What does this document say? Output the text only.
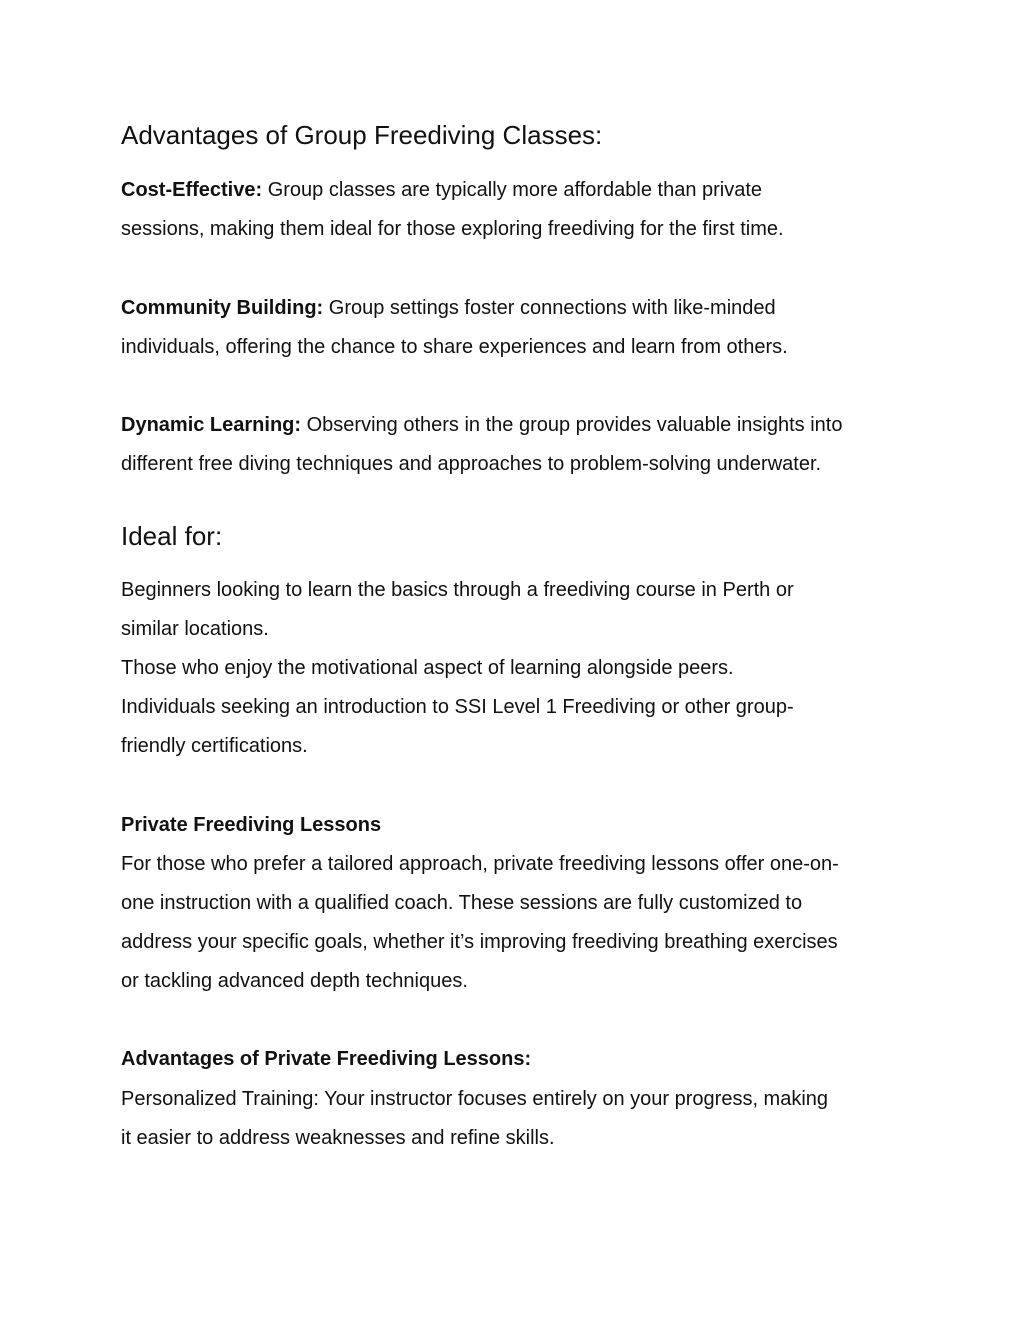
Advantages of Group Freediving Classes:
Cost-Effective: Group classes are typically more affordable than private
sessions, making them ideal for those exploring freediving for the first time.
Community Building: Group settings foster connections with like-minded
individuals, offering the chance to share experiences and learn from others.
Dynamic Learning: Observing others in the group provides valuable insights into
different free diving techniques and approaches to problem-solving underwater.
Ideal for:
Beginners looking to learn the basics through a freediving course in Perth or
similar locations.
Those who enjoy the motivational aspect of learning alongside peers.
Individuals seeking an introduction to SSI Level 1 Freediving or other group-
friendly certifications.
Private Freediving Lessons
For those who prefer a tailored approach, private freediving lessons offer one-on-
one instruction with a qualified coach. These sessions are fully customized to
address your specific goals, whether it’s improving freediving breathing exercises
or tackling advanced depth techniques.
Advantages of Private Freediving Lessons:
Personalized Training: Your instructor focuses entirely on your progress, making
it easier to address weaknesses and refine skills.
